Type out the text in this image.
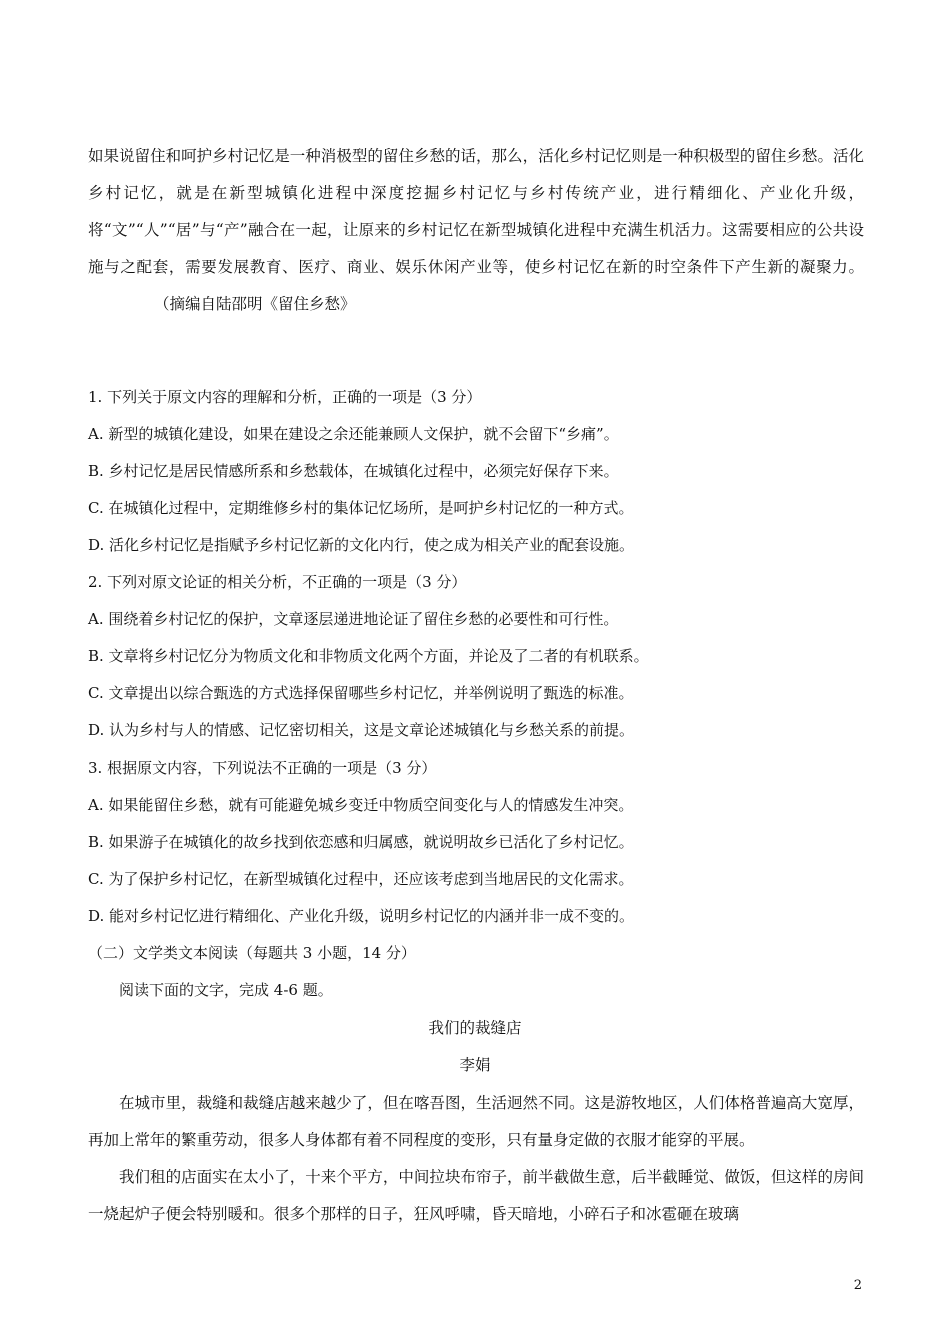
如果说留住和呵护乡村记忆是一种消极型的留住乡愁的话，那么，活化乡村记忆则是一种积极型的留住乡愁。活化乡村记忆，就是在新型城镇化进程中深度挖掘乡村记忆与乡村传统产业，进行精细化、产业化升级，将“文”“人”“居”与“产”融合在一起，让原来的乡村记忆在新型城镇化进程中充满生机活力。这需要相应的公共设施与之配套，需要发展教育、医疗、商业、娱乐休闲产业等，使乡村记忆在新的时空条件下产生新的凝聚力。（摘编自陆邵明《留住乡愁》
1. 下列关于原文内容的理解和分析，正确的一项是（3 分）
A. 新型的城镇化建设，如果在建设之余还能兼顾人文保护，就不会留下“乡痛”。
B. 乡村记忆是居民情感所系和乡愁载体，在城镇化过程中，必须完好保存下来。
C. 在城镇化过程中，定期维修乡村的集体记忆场所，是呵护乡村记忆的一种方式。
D. 活化乡村记忆是指赋予乡村记忆新的文化内行，使之成为相关产业的配套设施。
2. 下列对原文论证的相关分析，不正确的一项是（3 分）
A. 围绕着乡村记忆的保护，文章逐层递进地论证了留住乡愁的必要性和可行性。
B. 文章将乡村记忆分为物质文化和非物质文化两个方面，并论及了二者的有机联系。
C. 文章提出以综合甄选的方式选择保留哪些乡村记忆，并举例说明了甄选的标准。
D. 认为乡村与人的情感、记忆密切相关，这是文章论述城镇化与乡愁关系的前提。
3. 根据原文内容，下列说法不正确的一项是（3 分）
A. 如果能留住乡愁，就有可能避免城乡变迁中物质空间变化与人的情感发生冲突。
B. 如果游子在城镇化的故乡找到依恋感和归属感，就说明故乡已活化了乡村记忆。
C. 为了保护乡村记忆，在新型城镇化过程中，还应该考虑到当地居民的文化需求。
D. 能对乡村记忆进行精细化、产业化升级，说明乡村记忆的内涵并非一成不变的。
（二）文学类文本阅读（每题共 3 小题，14 分）
阅读下面的文字，完成 4-6 题。
我们的裁缝店
李娟
在城市里，裁缝和裁缝店越来越少了，但在喀吾图，生活迥然不同。这是游牧地区，人们体格普遍高大宽厚，再加上常年的繁重劳动，很多人身体都有着不同程度的变形，只有量身定做的衣服才能穿的平展。
我们租的店面实在太小了，十来个平方，中间拉块布帘子，前半截做生意，后半截睡觉、做饭，但这样的房间一烧起炉子便会特别暖和。很多个那样的日子，狂风呼啸，昏天暗地，小碎石子和冰雹砸在玻璃
2
